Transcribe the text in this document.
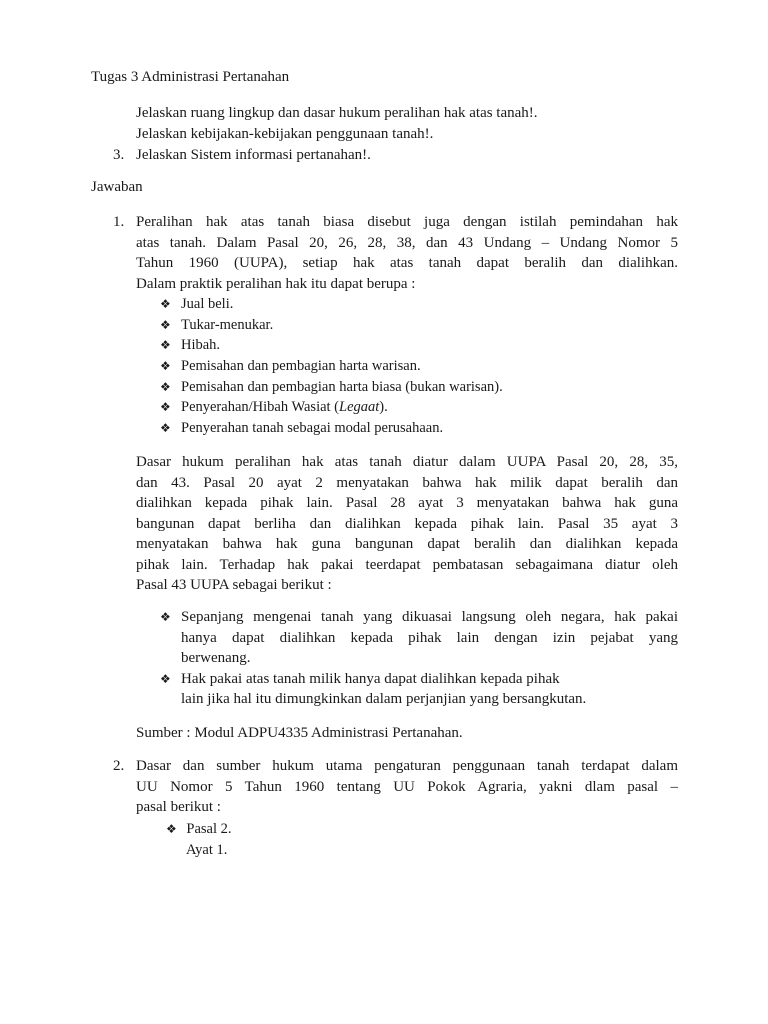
Tugas 3 Administrasi Pertanahan
Jelaskan ruang lingkup dan dasar hukum peralihan hak atas tanah!.
Jelaskan kebijakan-kebijakan penggunaan tanah!.
3. Jelaskan Sistem informasi pertanahan!.
Jawaban
1. Peralihan hak atas tanah biasa disebut juga dengan istilah pemindahan hak
atas tanah. Dalam Pasal 20, 26, 28, 38, dan 43 Undang – Undang Nomor 5
Tahun 1960 (UUPA), setiap hak atas tanah dapat beralih dan dialihkan.
Dalam praktik peralihan hak itu dapat berupa :
❖ Jual beli.
❖ Tukar-menukar.
❖ Hibah.
❖ Pemisahan dan pembagian harta warisan.
❖ Pemisahan dan pembagian harta biasa (bukan warisan).
❖ Penyerahan/Hibah Wasiat (Legaat).
❖ Penyerahan tanah sebagai modal perusahaan.
Dasar hukum peralihan hak atas tanah diatur dalam UUPA Pasal 20, 28, 35,
dan 43. Pasal 20 ayat 2 menyatakan bahwa hak milik dapat beralih dan
dialihkan kepada pihak lain. Pasal 28 ayat 3 menyatakan bahwa hak guna
bangunan dapat berliha dan dialihkan kepada pihak lain. Pasal 35 ayat 3
menyatakan bahwa hak guna bangunan dapat beralih dan dialihkan kepada
pihak lain. Terhadap hak pakai teerdapat pembatasan sebagaimana diatur oleh
Pasal 43 UUPA sebagai berikut :
❖ Sepanjang mengenai tanah yang dikuasai langsung oleh negara, hak pakai
hanya dapat dialihkan kepada pihak lain dengan izin pejabat yang
berwenang.
❖ Hak pakai atas tanah milik hanya dapat dialihkan kepada pihak
lain jika hal itu dimungkinkan dalam perjanjian yang bersangkutan.
Sumber : Modul ADPU4335 Administrasi Pertanahan.
2. Dasar dan sumber hukum utama pengaturan penggunaan tanah terdapat dalam
UU Nomor 5 Tahun 1960 tentang UU Pokok Agraria, yakni dlam pasal –
pasal berikut :
❖ Pasal 2.
Ayat 1.
